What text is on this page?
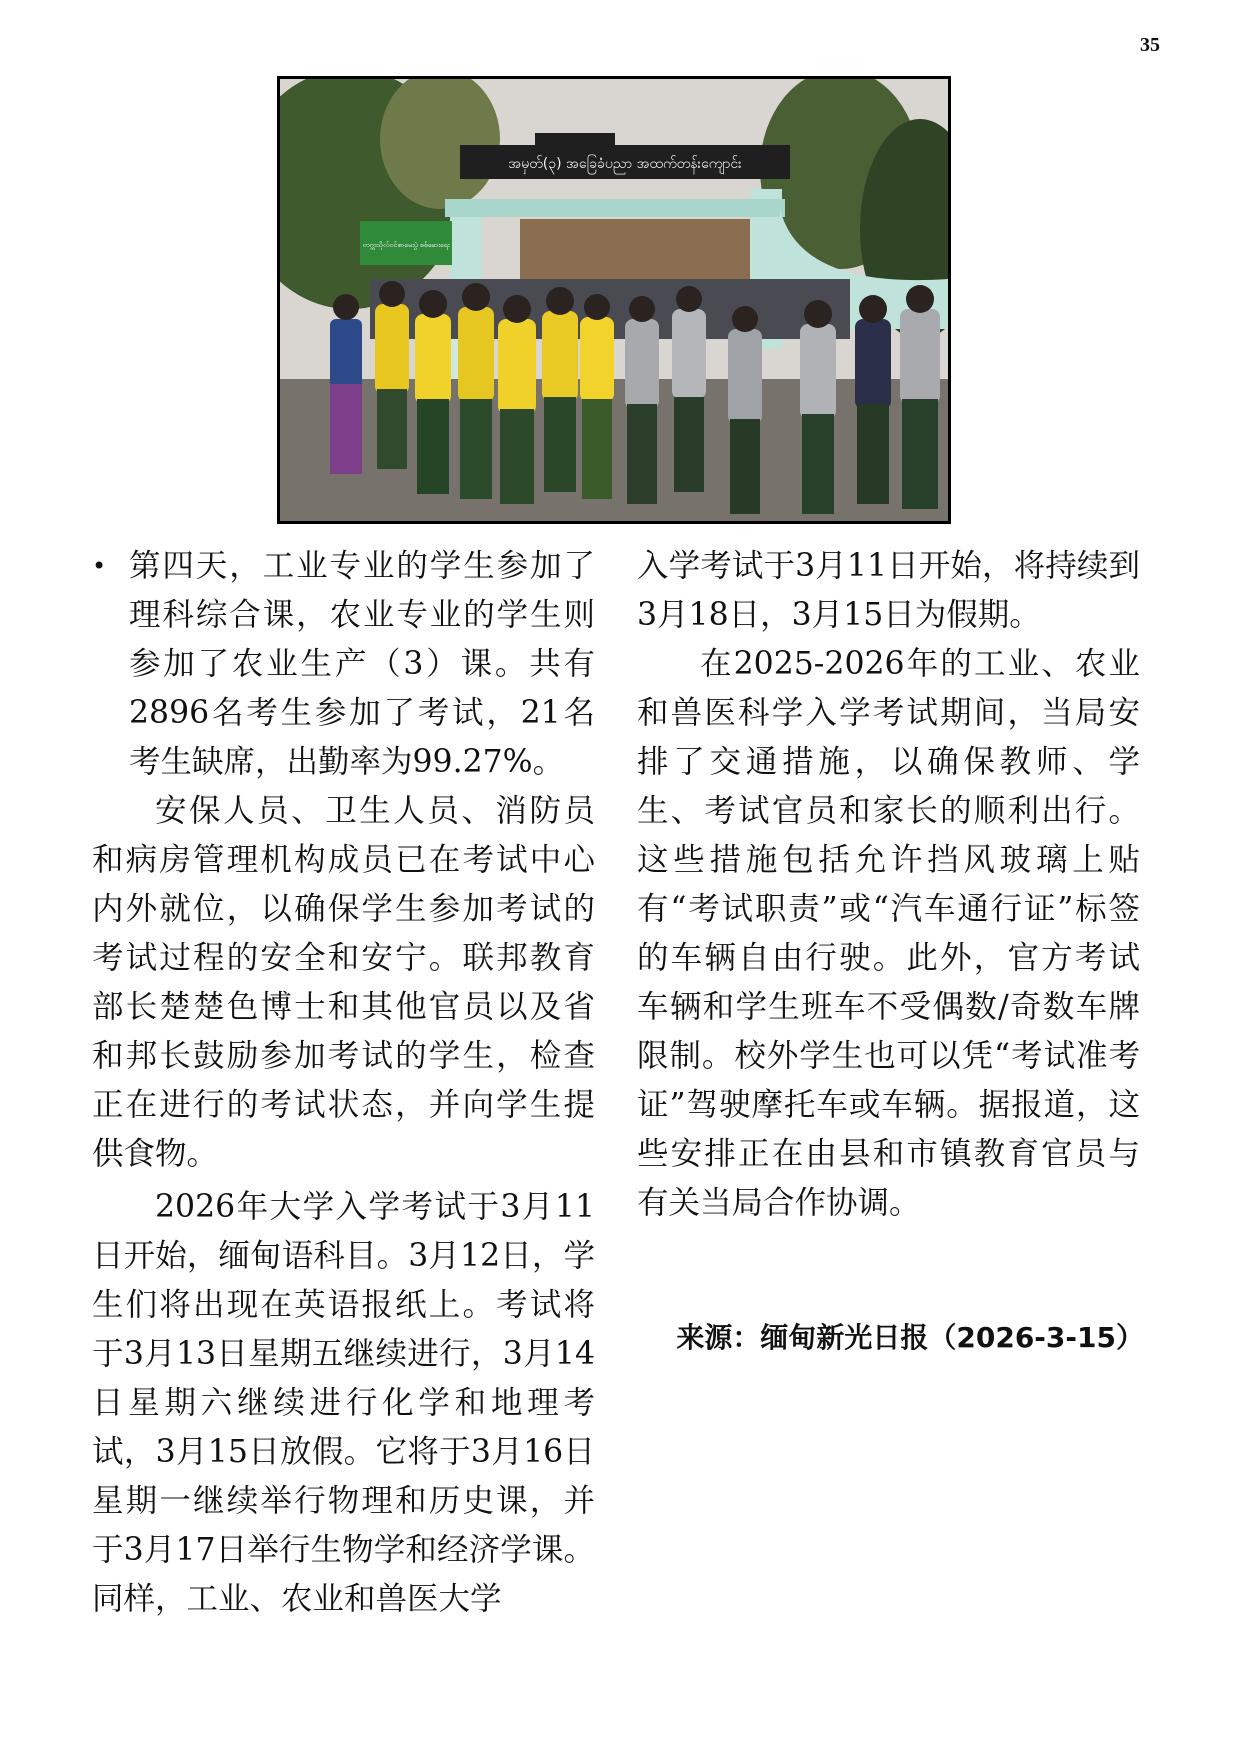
35
အမှတ်(၃) အခြေခံပညာ အထက်တန်းကျောင်း
တက္ကသိုလ်ဝင်စာမေးပွဲ စစ်ဆေးရေး
• 第四天，工业专业的学生参加了理科综合课，农业专业的学生则参加了农业生产（3）课。共有2896名考生参加了考试，21名考生缺席，出勤率为99.27%。

安保人员、卫生人员、消防员和病房管理机构成员已在考试中心内外就位，以确保学生参加考试的考试过程的安全和安宁。联邦教育部长楚楚色博士和其他官员以及省和邦长鼓励参加考试的学生，检查正在进行的考试状态，并向学生提供食物。

2026年大学入学考试于3月11日开始，缅甸语科目。3月12日，学生们将出现在英语报纸上。考试将于3月13日星期五继续进行，3月14日星期六继续进行化学和地理考试，3月15日放假。它将于3月16日星期一继续举行物理和历史课，并于3月17日举行生物学和经济学课。同样，工业、农业和兽医大学

入学考试于3月11日开始，将持续到3月18日，3月15日为假期。

在2025-2026年的工业、农业和兽医科学入学考试期间，当局安排了交通措施，以确保教师、学生、考试官员和家长的顺利出行。这些措施包括允许挡风玻璃上贴有“考试职责”或“汽车通行证”标签的车辆自由行驶。此外，官方考试车辆和学生班车不受偶数/奇数车牌限制。校外学生也可以凭“考试准考证”驾驶摩托车或车辆。据报道，这些安排正在由县和市镇教育官员与有关当局合作协调。

来源：缅甸新光日报（2026-3-15）
